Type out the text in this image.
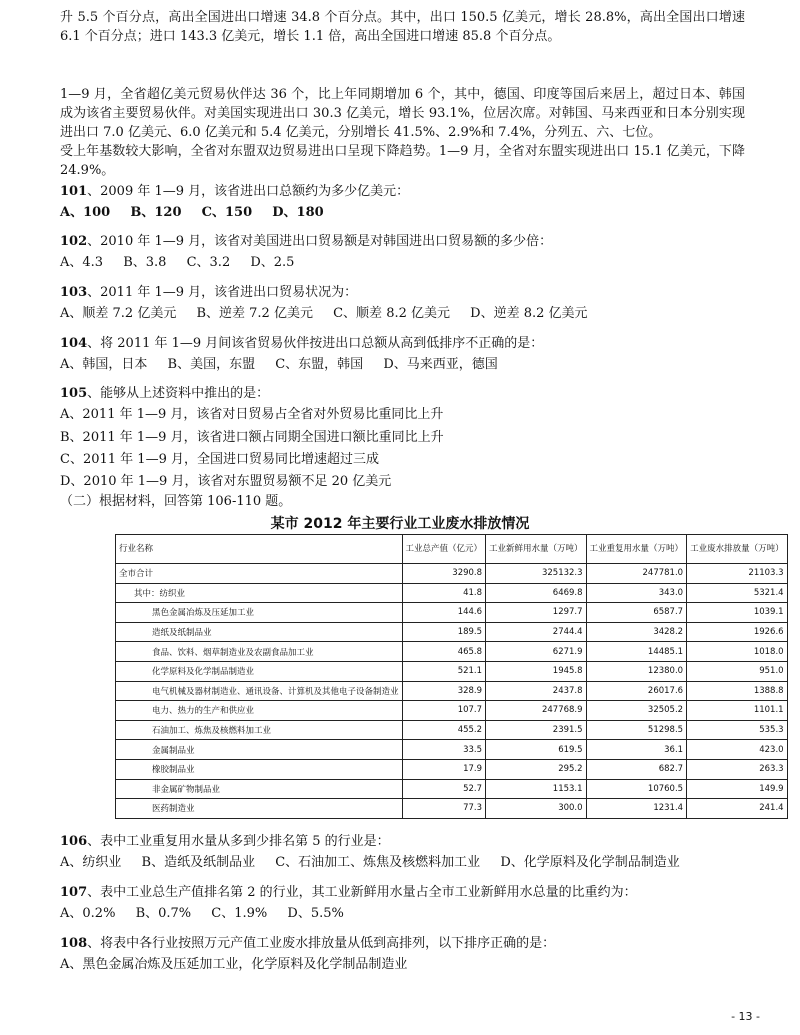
升 5.5 个百分点，高出全国进出口增速 34.8 个百分点。其中，出口 150.5 亿美元，增长 28.8%，高出全国出口增速 6.1 个百分点；进口 143.3 亿美元，增长 1.1 倍，高出全国进口增速 85.8 个百分点。

1—9 月，全省超亿美元贸易伙伴达 36 个，比上年同期增加 6 个，其中，德国、印度等国后来居上，超过日本、韩国成为该省主要贸易伙伴。对美国实现进出口 30.3 亿美元，增长 93.1%，位居次席。对韩国、马来西亚和日本分别实现进出口 7.0 亿美元、6.0 亿美元和 5.4 亿美元，分别增长 41.5%、2.9%和 7.4%，分列五、六、七位。

受上年基数较大影响，全省对东盟双边贸易进出口呈现下降趋势。1—9 月，全省对东盟实现进出口 15.1 亿美元，下降 24.9%。

101、2009 年 1—9 月，该省进出口总额约为多少亿美元：
A、100 B、120 C、150 D、180
102、2010 年 1—9 月，该省对美国进出口贸易额是对韩国进出口贸易额的多少倍：
A、4.3 B、3.8 C、3.2 D、2.5
103、2011 年 1—9 月，该省进出口贸易状况为：
A、顺差 7.2 亿美元 B、逆差 7.2 亿美元 C、顺差 8.2 亿美元 D、逆差 8.2 亿美元
104、将 2011 年 1—9 月间该省贸易伙伴按进出口总额从高到低排序不正确的是：
A、韩国，日本 B、美国，东盟 C、东盟，韩国 D、马来西亚，德国
105、能够从上述资料中推出的是：
A、2011 年 1—9 月，该省对日贸易占全省对外贸易比重同比上升
B、2011 年 1—9 月，该省进口额占同期全国进口额比重同比上升
C、2011 年 1—9 月，全国进口贸易同比增速超过三成
D、2010 年 1—9 月，该省对东盟贸易额不足 20 亿美元
（二）根据材料，回答第 106-110 题。
某市 2012 年主要行业工业废水排放情况
行业名称	工业总产值（亿元）	工业新鲜用水量（万吨）	工业重复用水量（万吨）	工业废水排放量（万吨）
全市合计	3290.8	325132.3	247781.0	21103.3
其中：纺织业	41.8	6469.8	343.0	5321.4
黑色金属冶炼及压延加工业	144.6	1297.7	6587.7	1039.1
造纸及纸制品业	189.5	2744.4	3428.2	1926.6
食品、饮料、烟草制造业及农副食品加工业	465.8	6271.9	14485.1	1018.0
化学原料及化学制品制造业	521.1	1945.8	12380.0	951.0
电气机械及器材制造业、通讯设备、计算机及其他电子设备制造业	328.9	2437.8	26017.6	1388.8
电力、热力的生产和供应业	107.7	247768.9	32505.2	1101.1
石油加工、炼焦及核燃料加工业	455.2	2391.5	51298.5	535.3
金属制品业	33.5	619.5	36.1	423.0
橡胶制品业	17.9	295.2	682.7	263.3
非金属矿物制品业	52.7	1153.1	10760.5	149.9
医药制造业	77.3	300.0	1231.4	241.4
106、表中工业重复用水量从多到少排名第 5 的行业是：
A、纺织业 B、造纸及纸制品业 C、石油加工、炼焦及核燃料加工业 D、化学原料及化学制品制造业
107、表中工业总生产值排名第 2 的行业，其工业新鲜用水量占全市工业新鲜用水总量的比重约为：
A、0.2% B、0.7% C、1.9% D、5.5%
108、将表中各行业按照万元产值工业废水排放量从低到高排列，以下排序正确的是：
A、黑色金属冶炼及压延加工业，化学原料及化学制品制造业
- 13 -
